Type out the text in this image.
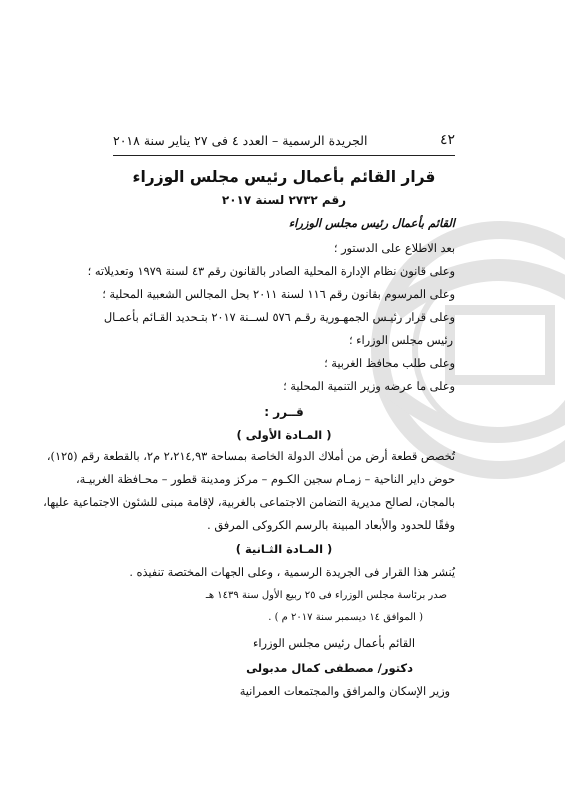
٤٢
الجريدة الرسمية – العدد ٤ فى ٢٧ يناير سنة ٢٠١٨
قرار القائم بأعمال رئيس مجلس الوزراء
رقم ٢٧٣٢ لسنة ٢٠١٧
القائم بأعمال رئيس مجلس الوزراء
بعد الاطلاع على الدستور ؛
وعلى قانون نظام الإدارة المحلية الصادر بالقانون رقم ٤٣ لسنة ١٩٧٩ وتعديلاته ؛
وعلى المرسوم بقانون رقم ١١٦ لسنة ٢٠١١ بحل المجالس الشعبية المحلية ؛
وعلى قرار رئيـس الجمهـورية رقـم ٥٧٦ لســنة ٢٠١٧ بتـحديد القـائم بأعمـال
رئيس مجلس الوزراء ؛
وعلى طلب محافظ الغربية ؛
وعلى ما عرضه وزير التنمية المحلية ؛
قــرر :
( المـادة الأولى )
تُخصص قطعة أرض من أملاك الدولة الخاصة بمساحة ٢،٢١٤,٩٣ م٢، بالقطعة رقم (١٢٥)،
حوض داير الناحية – زمـام سجين الكـوم – مركز ومدينة قطور – محـافظة الغربيـة،
بالمجان، لصالح مديرية التضامن الاجتماعى بالغربية، لإقامة مبنى للشئون الاجتماعية عليها،
وفقًا للحدود والأبعاد المبينة بالرسم الكروكى المرفق .
( المـادة الثـانية )
يُنشر هذا القرار فى الجريدة الرسمية ، وعلى الجهات المختصة تنفيذه .
صدر برئاسة مجلس الوزراء فى ٢٥ ربيع الأول سنة ١٤٣٩ هـ
( الموافق ١٤ ديسمبر سنة ٢٠١٧ م ) .
القائم بأعمال رئيس مجلس الوزراء
دكتور/ مصطفى كمال مدبولى
وزير الإسكان والمرافق والمجتمعات العمرانية
